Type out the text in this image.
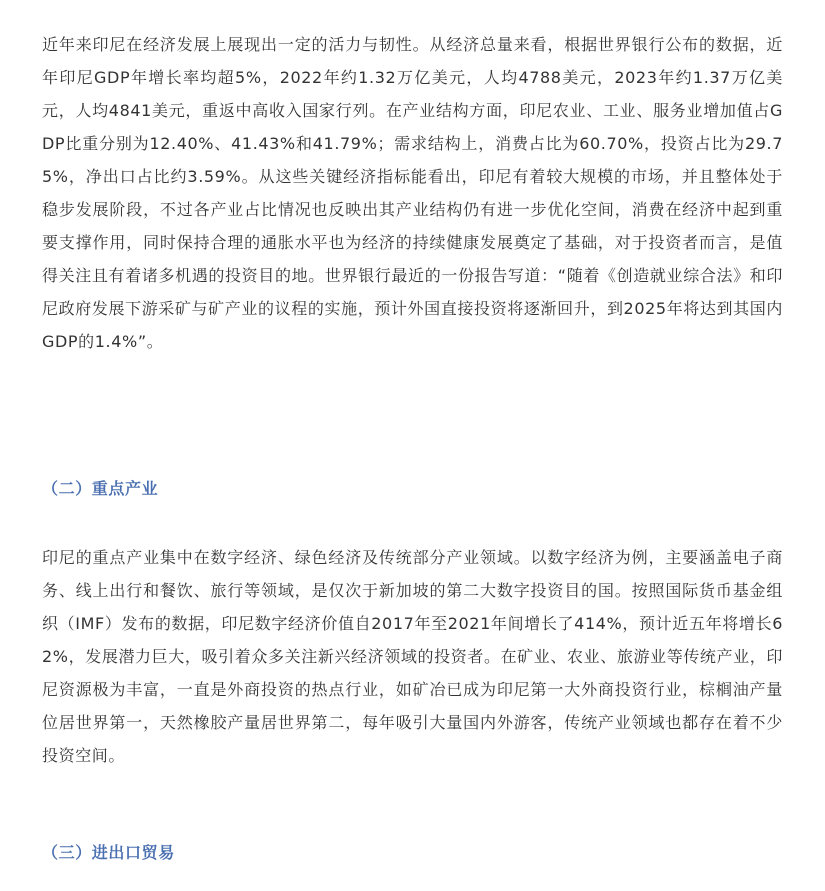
近年来印尼在经济发展上展现出一定的活力与韧性。从经济总量来看，根据世界银行公布的数据，近年印尼GDP年增长率均超5%，2022年约1.32万亿美元，人均4788美元，2023年约1.37万亿美元，人均4841美元，重返中高收入国家行列。在产业结构方面，印尼农业、工业、服务业增加值占GDP比重分别为12.40%、41.43%和41.79%；需求结构上，消费占比为60.70%，投资占比为29.75%，净出口占比约3.59%。从这些关键经济指标能看出，印尼有着较大规模的市场，并且整体处于稳步发展阶段，不过各产业占比情况也反映出其产业结构仍有进一步优化空间，消费在经济中起到重要支撑作用，同时保持合理的通胀水平也为经济的持续健康发展奠定了基础，对于投资者而言，是值得关注且有着诸多机遇的投资目的地。世界银行最近的一份报告写道：“随着《创造就业综合法》和印尼政府发展下游采矿与矿产业的议程的实施，预计外国直接投资将逐渐回升，到2025年将达到其国内GDP的1.4%”。

（二）重点产业

印尼的重点产业集中在数字经济、绿色经济及传统部分产业领域。以数字经济为例，主要涵盖电子商务、线上出行和餐饮、旅行等领域，是仅次于新加坡的第二大数字投资目的国。按照国际货币基金组织（IMF）发布的数据，印尼数字经济价值自2017年至2021年间增长了414%，预计近五年将增长62%，发展潜力巨大，吸引着众多关注新兴经济领域的投资者。在矿业、农业、旅游业等传统产业，印尼资源极为丰富，一直是外商投资的热点行业，如矿冶已成为印尼第一大外商投资行业，棕榈油产量位居世界第一，天然橡胶产量居世界第二，每年吸引大量国内外游客，传统产业领域也都存在着不少投资空间。

（三）进出口贸易
